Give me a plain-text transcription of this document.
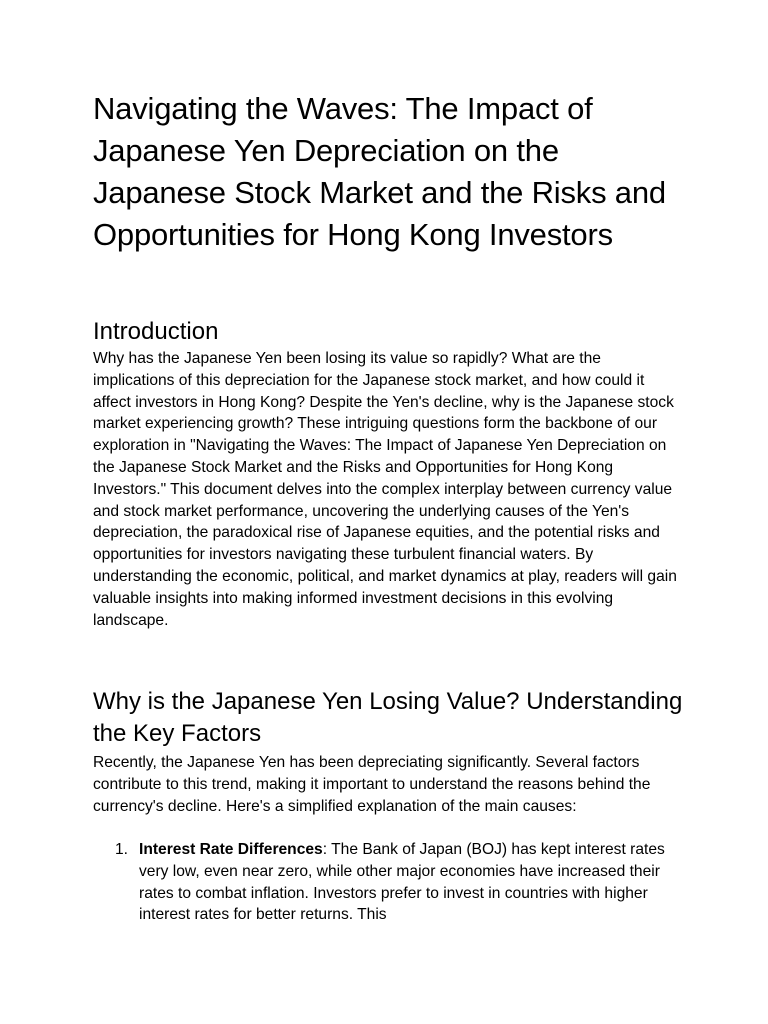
Navigating the Waves: The Impact of Japanese Yen Depreciation on the Japanese Stock Market and the Risks and Opportunities for Hong Kong Investors
Introduction

Why has the Japanese Yen been losing its value so rapidly? What are the implications of this depreciation for the Japanese stock market, and how could it affect investors in Hong Kong? Despite the Yen's decline, why is the Japanese stock market experiencing growth? These intriguing questions form the backbone of our exploration in "Navigating the Waves: The Impact of Japanese Yen Depreciation on the Japanese Stock Market and the Risks and Opportunities for Hong Kong Investors." This document delves into the complex interplay between currency value and stock market performance, uncovering the underlying causes of the Yen's depreciation, the paradoxical rise of Japanese equities, and the potential risks and opportunities for investors navigating these turbulent financial waters. By understanding the economic, political, and market dynamics at play, readers will gain valuable insights into making informed investment decisions in this evolving landscape.

Why is the Japanese Yen Losing Value? Understanding the Key Factors

Recently, the Japanese Yen has been depreciating significantly. Several factors contribute to this trend, making it important to understand the reasons behind the currency's decline. Here's a simplified explanation of the main causes:

1. Interest Rate Differences: The Bank of Japan (BOJ) has kept interest rates very low, even near zero, while other major economies have increased their rates to combat inflation. Investors prefer to invest in countries with higher interest rates for better returns. This
